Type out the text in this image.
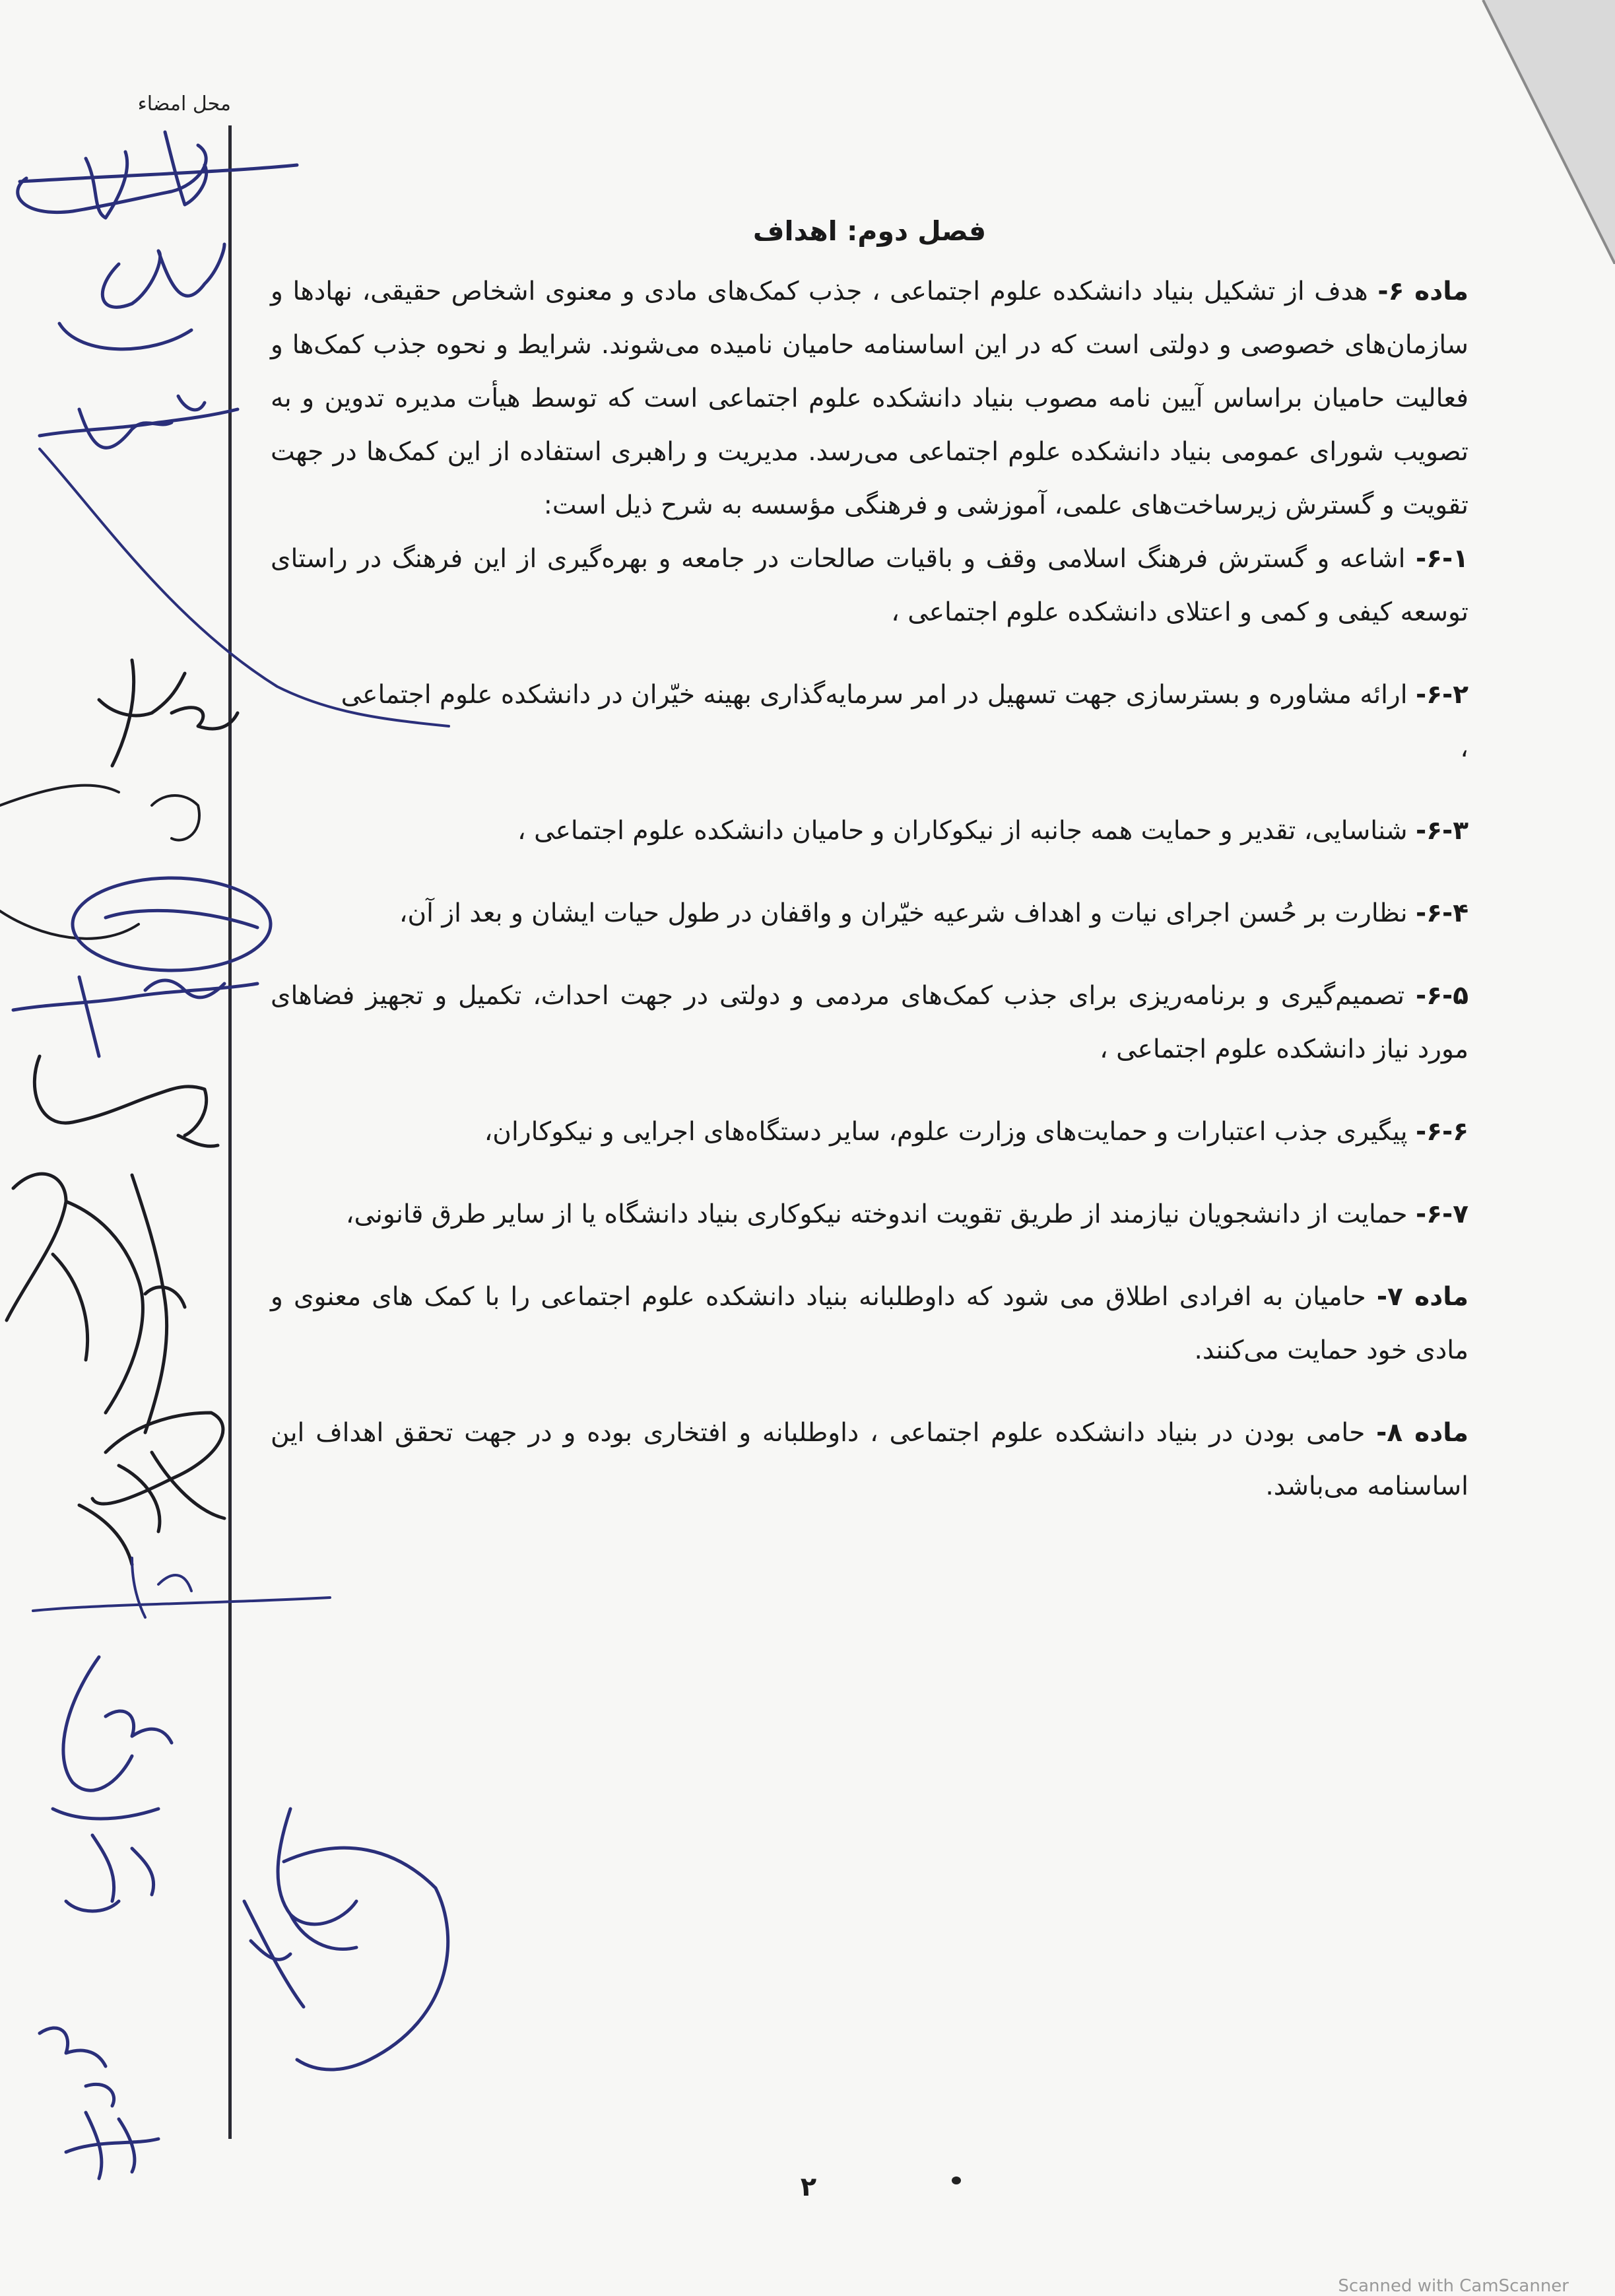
محل امضاء

فصل دوم: اهداف

ماده ۶- هدف از تشکیل بنیاد دانشکده علوم اجتماعی ، جذب کمک‌های مادی و معنوی اشخاص حقیقی، نهادها و سازمان‌های خصوصی و دولتی است که در این اساسنامه حامیان نامیده می‌شوند. شرایط و نحوه جذب کمک‌ها و فعالیت حامیان براساس آیین نامه مصوب بنیاد دانشکده علوم اجتماعی است که توسط هیأت مدیره تدوین و به تصویب شورای عمومی بنیاد دانشکده علوم اجتماعی می‌رسد. مدیریت و راهبری استفاده از این کمک‌ها در جهت تقویت و گسترش زیرساخت‌های علمی، آموزشی و فرهنگی مؤسسه به شرح ذیل است:

۶-۱- اشاعه و گسترش فرهنگ اسلامی وقف و باقیات صالحات در جامعه و بهره‌گیری از این فرهنگ در راستای توسعه کیفی و کمی و اعتلای دانشکده علوم اجتماعی ،

۶-۲- ارائه مشاوره و بسترسازی جهت تسهیل در امر سرمایه‌گذاری بهینه خیّران در دانشکده علوم اجتماعی

،

۶-۳- شناسایی، تقدیر و حمایت همه جانبه از نیکوکاران و حامیان دانشکده علوم اجتماعی ،

۶-۴- نظارت بر حُسن اجرای نیات و اهداف شرعیه خیّران و واقفان در طول حیات ایشان و بعد از آن،

۶-۵- تصمیم‌گیری و برنامه‌ریزی برای جذب کمک‌های مردمی و دولتی در جهت احداث، تکمیل و تجهیز فضاهای مورد نیاز دانشکده علوم اجتماعی ،

۶-۶- پیگیری جذب اعتبارات و حمایت‌های وزارت علوم، سایر دستگاه‌های اجرایی و نیکوکاران،

۶-۷- حمایت از دانشجویان نیازمند از طریق تقویت اندوخته نیکوکاری بنیاد دانشگاه یا از سایر طرق قانونی،

ماده ۷- حامیان به افرادی اطلاق می شود که داوطلبانه بنیاد دانشکده علوم اجتماعی را با کمک های معنوی و مادی خود حمایت می‌کنند.

ماده ۸- حامی بودن در بنیاد دانشکده علوم اجتماعی ، داوطلبانه و افتخاری بوده و در جهت تحقق اهداف این اساسنامه می‌باشد.

۲
Scanned with CamScanner
